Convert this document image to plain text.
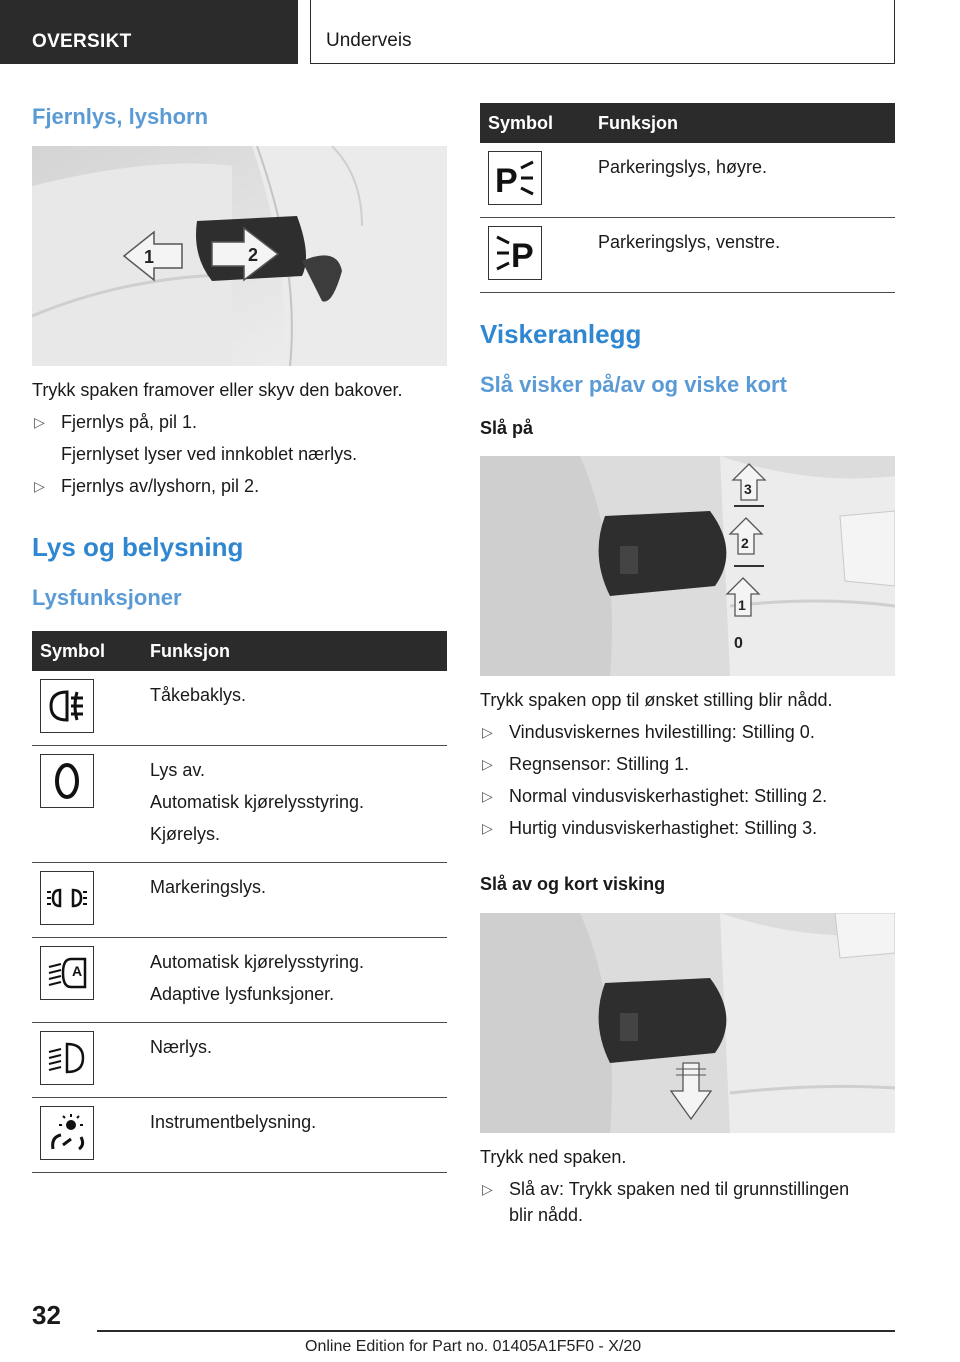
OVERSIKT	Underveis
Fjernlys, lyshorn
1	2
Trykk spaken framover eller skyv den bakover.
▷ Fjernlys på, pil 1.
Fjernlyset lyser ved innkoblet nærlys.
▷ Fjernlys av/lyshorn, pil 2.
Lys og belysning
Lysfunksjoner
Symbol	Funksjon

Tåkebaklys.

Lys av.
Automatisk kjørelysstyring.
Kjørelys.

Markeringslys.

A	Automatisk kjørelysstyring.
Adaptive lysfunksjoner.

Nærlys.

Instrumentbelysning.
Symbol	Funksjon

P	Parkeringslys, høyre.

P	Parkeringslys, venstre.
Viskeranlegg
Slå visker på/av og viske kort
Slå på
3
2
1
0
Trykk spaken opp til ønsket stilling blir nådd.
▷ Vindusviskernes hvilestilling: Stilling 0.
▷ Regnsensor: Stilling 1.
▷ Normal vindusviskerhastighet: Stilling 2.
▷ Hurtig vindusviskerhastighet: Stilling 3.
Slå av og kort visking
Trykk ned spaken.
▷ Slå av: Trykk spaken ned til grunnstillingen
blir nådd.
32
Online Edition for Part no. 01405A1F5F0 - X/20
